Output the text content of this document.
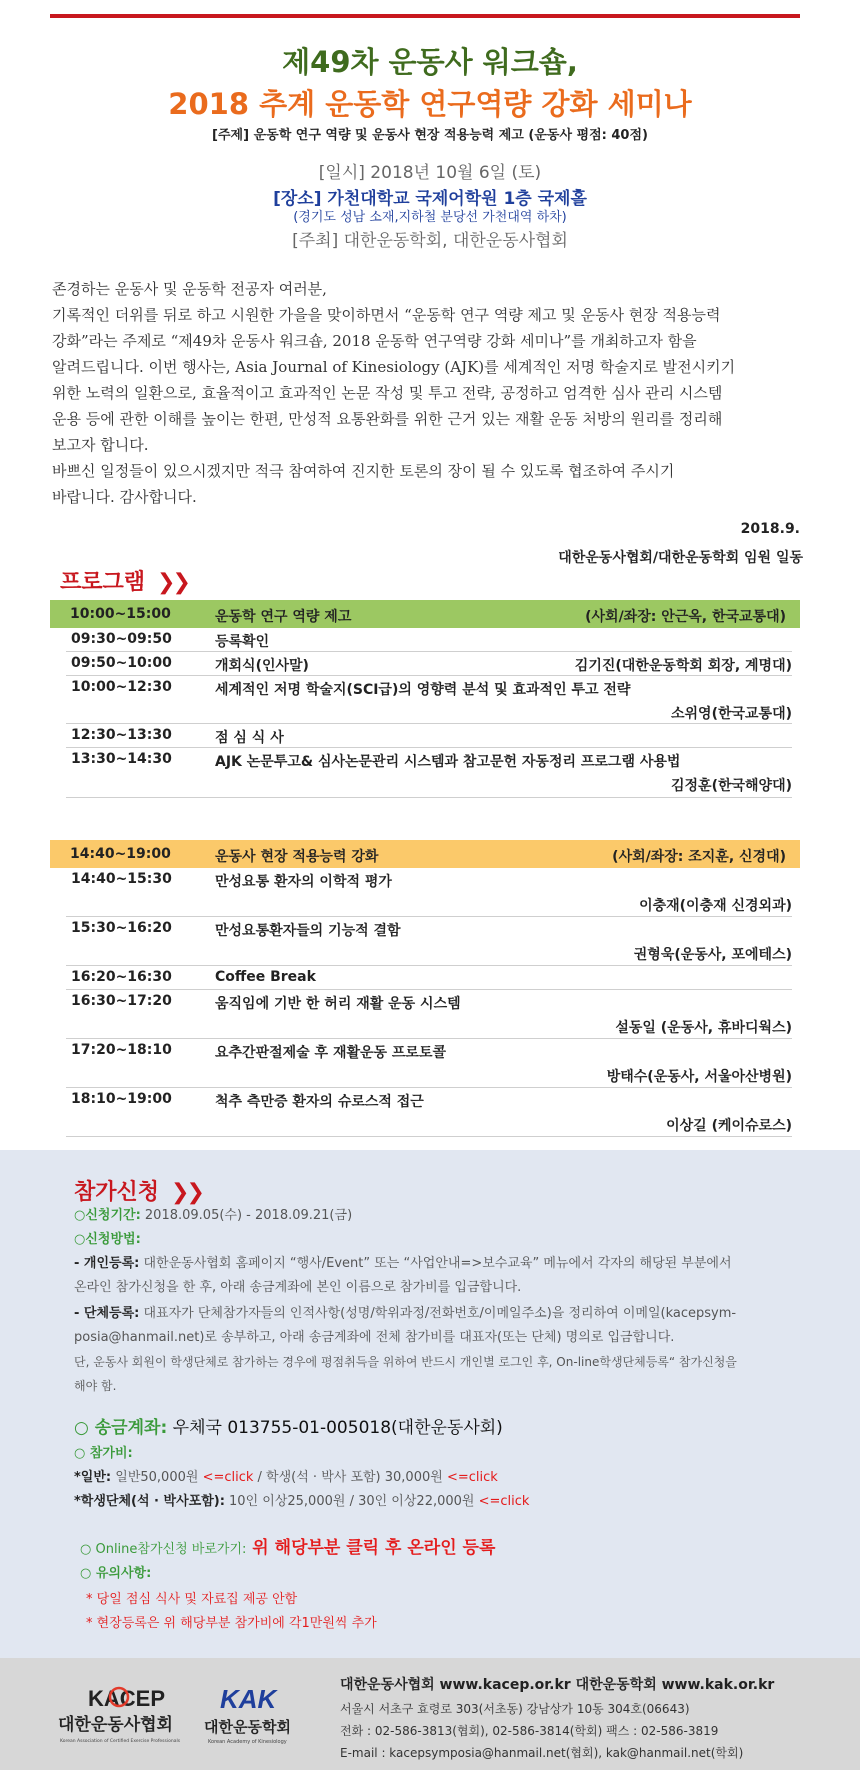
제49차 운동사 워크숍,
2018 추계 운동학 연구역량 강화 세미나
[주제] 운동학 연구 역량 및 운동사 현장 적용능력 제고 (운동사 평점: 40점)
[일시] 2018년 10월 6일 (토)
[장소] 가천대학교 국제어학원 1층 국제홀
(경기도 성남 소재,지하철 분당선 가천대역 하차)
[주최] 대한운동학회, 대한운동사협회

존경하는 운동사 및 운동학 전공자 여러분,

기록적인 더위를 뒤로 하고 시원한 가을을 맞이하면서 “운동학 연구 역량 제고 및 운동사 현장 적용능력

강화”라는 주제로 “제49차 운동사 워크숍, 2018 운동학 연구역량 강화 세미나”를 개최하고자 함을

알려드립니다. 이번 행사는, Asia Journal of Kinesiology (AJK)를 세계적인 저명 학술지로 발전시키기

위한 노력의 일환으로, 효율적이고 효과적인 논문 작성 및 투고 전략, 공정하고 엄격한 심사 관리 시스템

운용 등에 관한 이해를 높이는 한편, 만성적 요통완화를 위한 근거 있는 재활 운동 처방의 원리를 정리해

보고자 합니다.

바쁘신 일정들이 있으시겠지만 적극 참여하여 진지한 토론의 장이 될 수 있도록 협조하여 주시기

바랍니다. 감사합니다.

2018.9.
대한운동사협회/대한운동학회 임원 일동
프로그램 ❯❯
10:00~15:00	운동학 연구 역량 제고	(사회/좌장: 안근옥, 한국교통대)
09:30~09:50	등록확인
09:50~10:00	개회식(인사말)	김기진(대한운동학회 회장, 계명대)
10:00~12:30	세계적인 저명 학술지(SCI급)의 영향력 분석 및 효과적인 투고 전략
소위영(한국교통대)
12:30~13:30	점 심 식 사
13:30~14:30	AJK 논문투고& 심사논문관리 시스템과 참고문헌 자동정리 프로그램 사용법
김정훈(한국해양대)
14:40~19:00	운동사 현장 적용능력 강화	(사회/좌장: 조지훈, 신경대)
14:40~15:30	만성요통 환자의 이학적 평가
이충재(이충재 신경외과)
15:30~16:20	만성요통환자들의 기능적 결함
권형욱(운동사, 포에테스)
16:20~16:30	Coffee Break
16:30~17:20	움직임에 기반 한 허리 재활 운동 시스템
설동일 (운동사, 휴바디웍스)
17:20~18:10	요추간판절제술 후 재활운동 프로토콜
방태수(운동사, 서울아산병원)
18:10~19:00	척추 측만증 환자의 슈로스적 접근
이상길 (케이슈로스)
참가신청 ❯❯
○신청기간: 2018.09.05(수) - 2018.09.21(금)
○신청방법:
- 개인등록: 대한운동사협회 홈페이지 “행사/Event” 또는 “사업안내=>보수교육” 메뉴에서 각자의 해당된 부분에서
온라인 참가신청을 한 후, 아래 송금계좌에 본인 이름으로 참가비를 입금합니다.
- 단체등록: 대표자가 단체참가자들의 인적사항(성명/학위과정/전화번호/이메일주소)을 정리하여 이메일(kacepsym-
posia@hanmail.net)로 송부하고, 아래 송금계좌에 전체 참가비를 대표자(또는 단체) 명의로 입금합니다.
단, 운동사 회원이 학생단체로 참가하는 경우에 평점취득을 위하여 반드시 개인별 로그인 후, On-line학생단체등록“ 참가신청을
해야 함.
○ 송금계좌: 우체국 013755-01-005018(대한운동사회)
○ 참가비:
*일반: 일반50,000원 <=click / 학생(석 · 박사 포함) 30,000원 <=click
*학생단체(석 · 박사포함): 10인 이상25,000원 / 30인 이상22,000원 <=click
○ Online참가신청 바로가기: 위 해당부분 클릭 후 온라인 등록
○ 유의사항:
* 당일 점심 식사 및 자료집 제공 안함
* 현장등록은 위 해당부분 참가비에 각1만원씩 추가
KACEP
대한운동사협회
Korean Association of Certified Exercise Professionals
KAK
대한운동학회
Korean Academy of Kinesiology
대한운동사협회 www.kacep.or.kr 대한운동학회 www.kak.or.kr
서울시 서초구 효령로 303(서초동) 강남상가 10동 304호(06643)
전화 : 02-586-3813(협회), 02-586-3814(학회) 팩스 : 02-586-3819
E-mail : kacepsymposia@hanmail.net(협회), kak@hanmail.net(학회)
